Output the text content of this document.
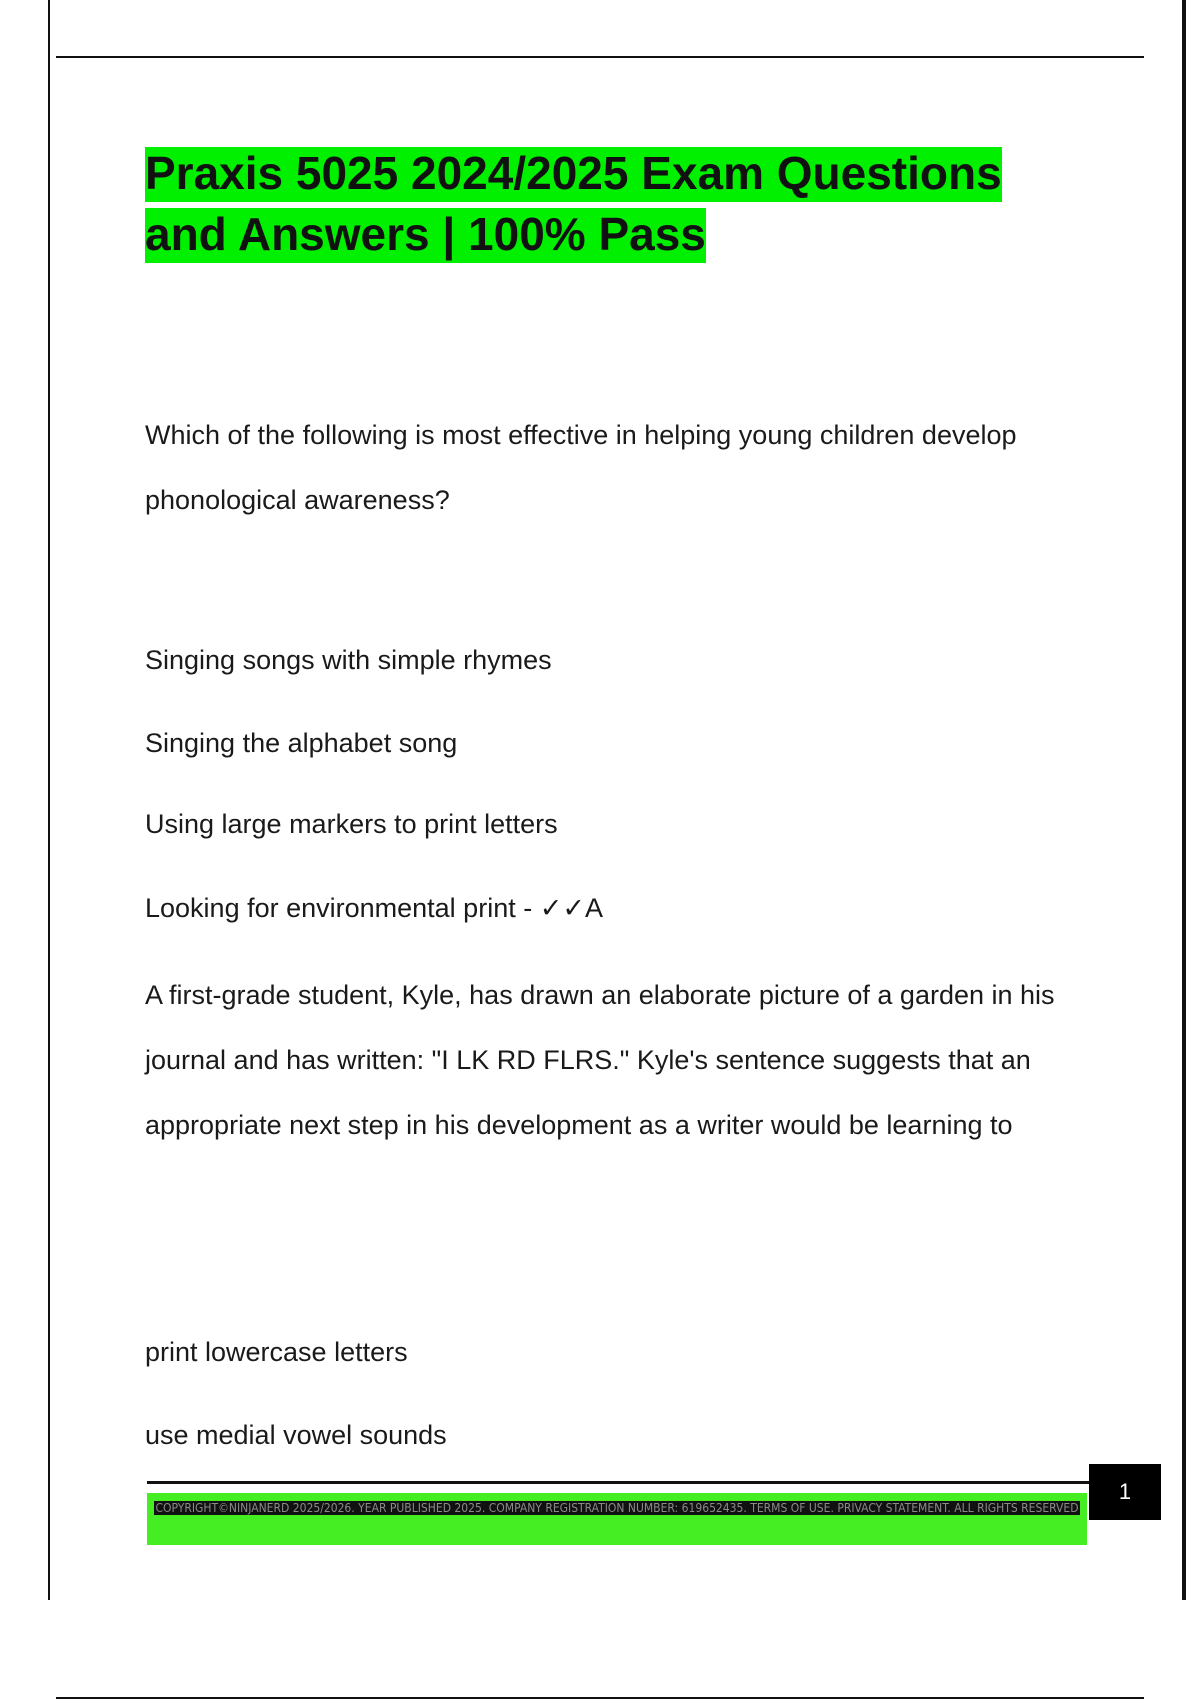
Praxis 5025 2024/2025 Exam Questions and Answers | 100% Pass

Which of the following is most effective in helping young children develop phonological awareness?

Singing songs with simple rhymes

Singing the alphabet song

Using large markers to print letters

Looking for environmental print - ✓✓A

A first-grade student, Kyle, has drawn an elaborate picture of a garden in his journal and has written: "I LK RD FLRS." Kyle's sentence suggests that an appropriate next step in his development as a writer would be learning to

print lowercase letters

use medial vowel sounds

COPYRIGHT©NINJANERD 2025/2026. YEAR PUBLISHED 2025. COMPANY REGISTRATION NUMBER: 619652435. TERMS OF USE. PRIVACY STATEMENT. ALL RIGHTS RESERVED
1
